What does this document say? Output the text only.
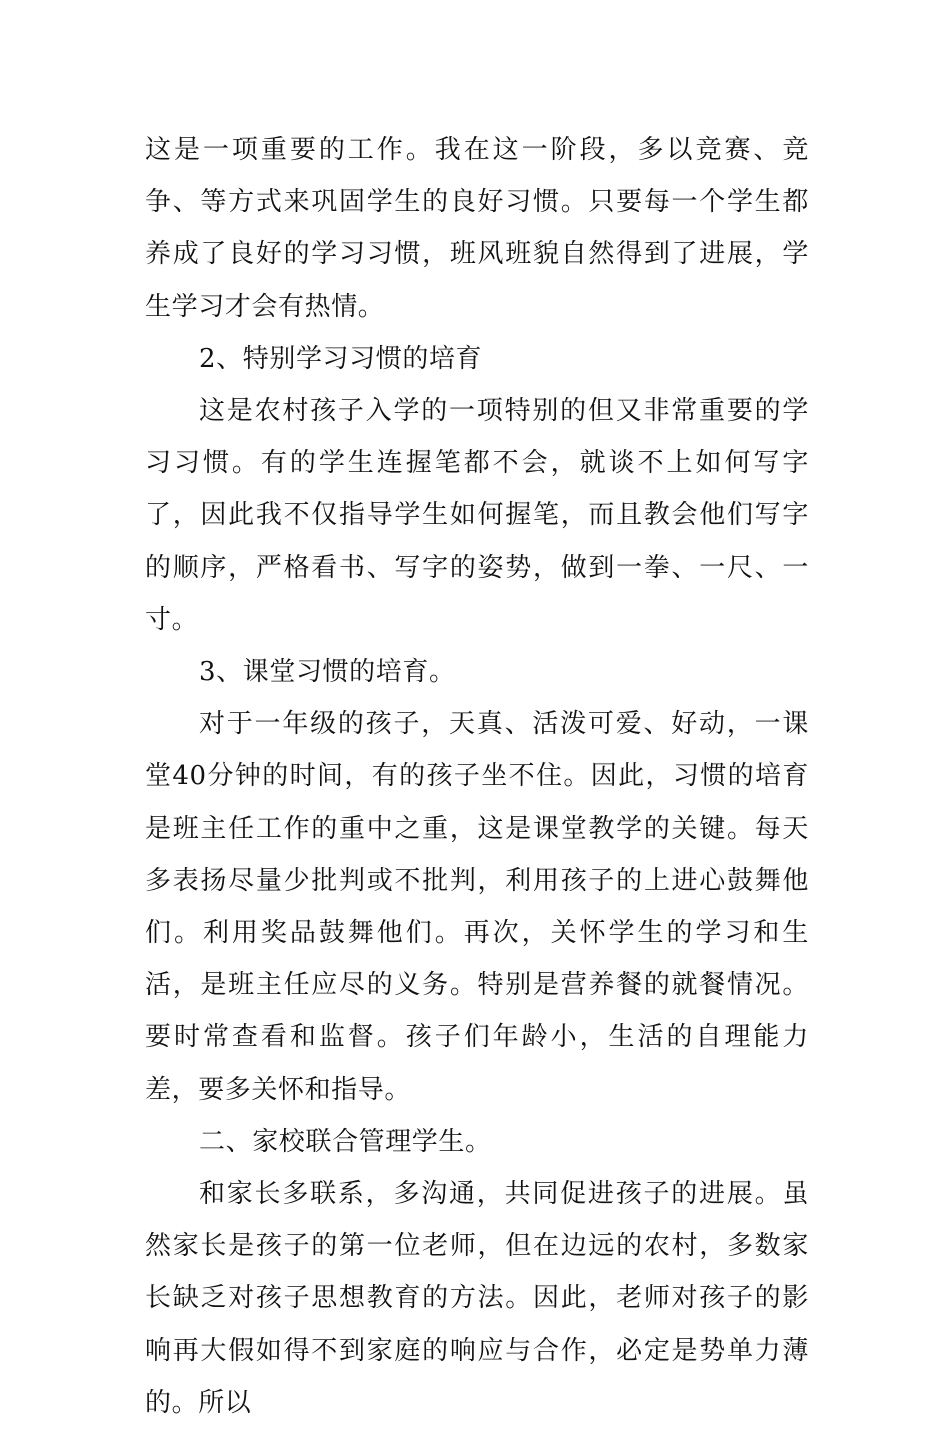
这是一项重要的工作。我在这一阶段，多以竞赛、竞争、等方式来巩固学生的良好习惯。只要每一个学生都养成了良好的学习习惯，班风班貌自然得到了进展，学生学习才会有热情。

2、特别学习习惯的培育

这是农村孩子入学的一项特别的但又非常重要的学习习惯。有的学生连握笔都不会，就谈不上如何写字了，因此我不仅指导学生如何握笔，而且教会他们写字的顺序，严格看书、写字的姿势，做到一拳、一尺、一寸。

3、课堂习惯的培育。

对于一年级的孩子，天真、活泼可爱、好动，一课堂40分钟的时间，有的孩子坐不住。因此，习惯的培育是班主任工作的重中之重，这是课堂教学的关键。每天多表扬尽量少批判或不批判，利用孩子的上进心鼓舞他们。利用奖品鼓舞他们。再次，关怀学生的学习和生活，是班主任应尽的义务。特别是营养餐的就餐情况。要时常查看和监督。孩子们年龄小，生活的自理能力差，要多关怀和指导。

二、家校联合管理学生。

和家长多联系，多沟通，共同促进孩子的进展。虽然家长是孩子的第一位老师，但在边远的农村，多数家长缺乏对孩子思想教育的方法。因此，老师对孩子的影响再大假如得不到家庭的响应与合作，必定是势单力薄的。所以
